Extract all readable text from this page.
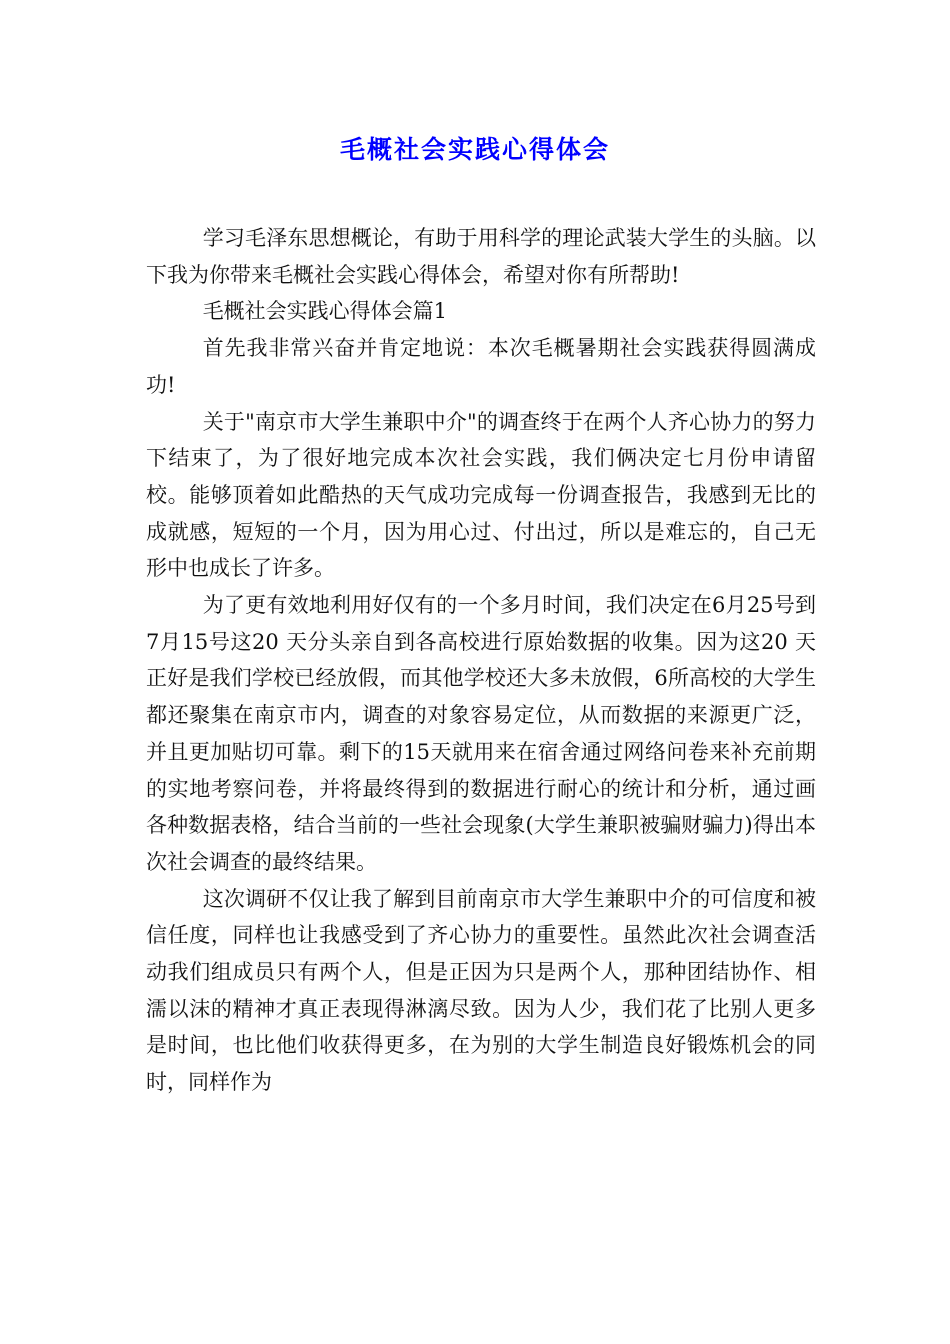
毛概社会实践心得体会

学习毛泽东思想概论，有助于用科学的理论武装大学生的头脑。以下我为你带来毛概社会实践心得体会，希望对你有所帮助!

毛概社会实践心得体会篇1

首先我非常兴奋并肯定地说：本次毛概暑期社会实践获得圆满成功!

关于"南京市大学生兼职中介"的调查终于在两个人齐心协力的努力下结束了，为了很好地完成本次社会实践，我们俩决定七月份申请留校。能够顶着如此酷热的天气成功完成每一份调查报告，我感到无比的成就感，短短的一个月，因为用心过、付出过，所以是难忘的，自己无形中也成长了许多。

为了更有效地利用好仅有的一个多月时间，我们决定在6月25号到7月15号这20 天分头亲自到各高校进行原始数据的收集。因为这20 天正好是我们学校已经放假，而其他学校还大多未放假，6所高校的大学生都还聚集在南京市内，调查的对象容易定位，从而数据的来源更广泛，并且更加贴切可靠。剩下的15天就用来在宿舍通过网络问卷来补充前期的实地考察问卷，并将最终得到的数据进行耐心的统计和分析，通过画各种数据表格，结合当前的一些社会现象(大学生兼职被骗财骗力)得出本次社会调查的最终结果。

这次调研不仅让我了解到目前南京市大学生兼职中介的可信度和被信任度，同样也让我感受到了齐心协力的重要性。虽然此次社会调查活动我们组成员只有两个人，但是正因为只是两个人，那种团结协作、相濡以沫的精神才真正表现得淋漓尽致。因为人少，我们花了比别人更多是时间，也比他们收获得更多，在为别的大学生制造良好锻炼机会的同时，同样作为
